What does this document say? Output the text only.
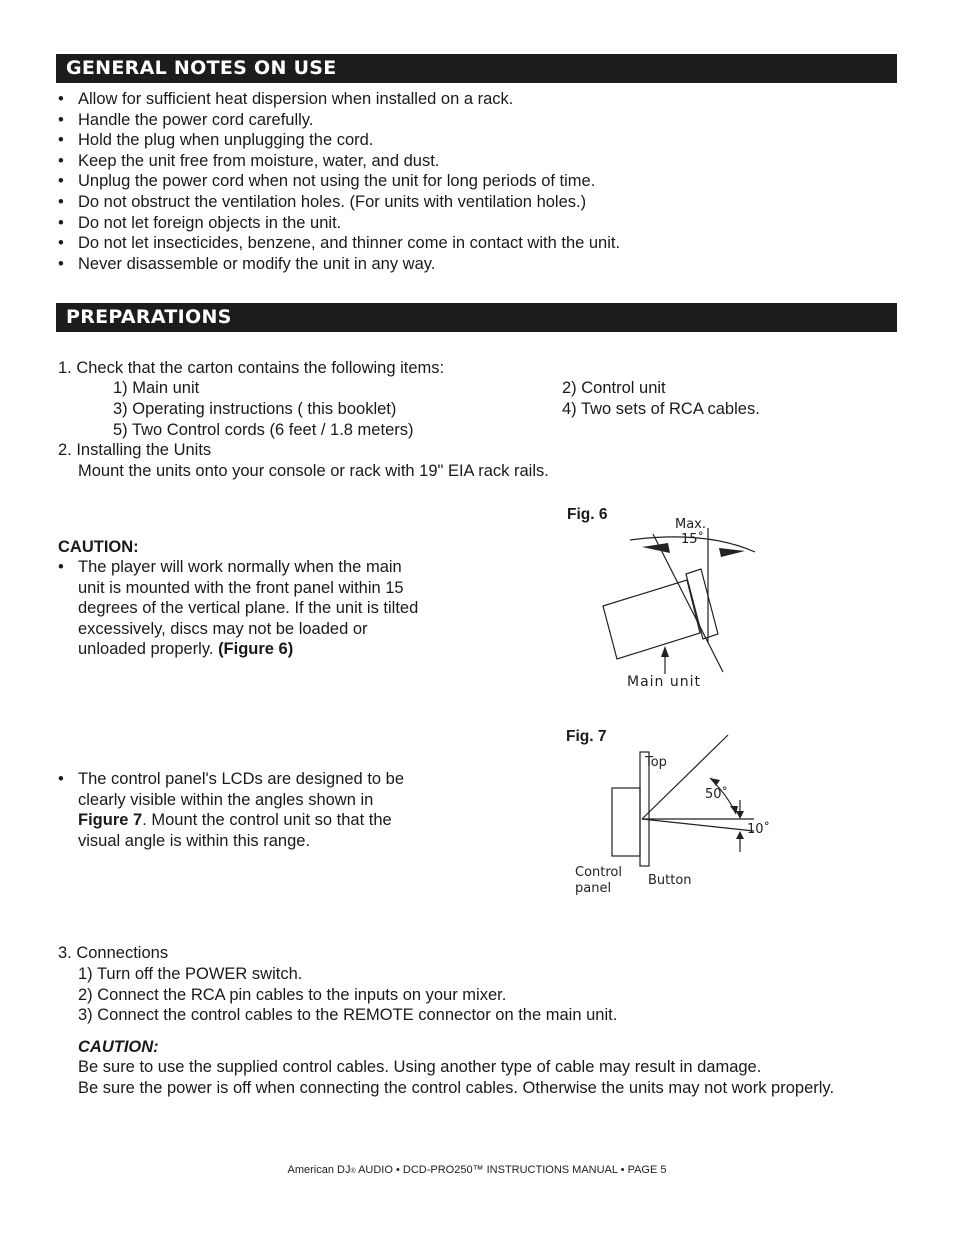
GENERAL NOTES ON USE
• Allow for sufficient heat dispersion when installed on a rack.
• Handle the power cord carefully.
• Hold the plug when unplugging the cord.
• Keep the unit free from moisture, water, and dust.
• Unplug the power cord when not using the unit for long periods of time.
• Do not obstruct the ventilation holes. (For units with ventilation holes.)
• Do not let foreign objects in the unit.
• Do not let insecticides, benzene, and thinner come in contact with the unit.
• Never disassemble or modify the unit in any way.
PREPARATIONS
1. Check that the carton contains the following items:
1) Main unit	2) Control unit
3) Operating instructions ( this booklet)	4) Two sets of RCA cables.
5) Two Control cords (6 feet / 1.8 meters)
2. Installing the Units
Mount the units onto your console or rack with 19" EIA rack rails.
CAUTION:
• The player will work normally when the main unit is mounted with the front panel within 15 degrees of the vertical plane. If the unit is tilted excessively, discs may not be loaded or unloaded properly. (Figure 6)
• The control panel's LCDs are designed to be clearly visible within the angles shown in Figure 7. Mount the control unit so that the visual angle is within this range.
Fig. 6
Max.
15˚
Main unit
Fig. 7
Top
50˚
10˚
Control
panel
Button
3. Connections
1) Turn off the POWER switch.
2) Connect the RCA pin cables to the inputs on your mixer.
3) Connect the control cables to the REMOTE connector on the main unit.
CAUTION:
Be sure to use the supplied control cables. Using another type of cable may result in damage.
Be sure the power is off when connecting the control cables. Otherwise the units may not work properly.
American DJ® AUDIO • DCD-PRO250™ INSTRUCTIONS MANUAL • PAGE 5
